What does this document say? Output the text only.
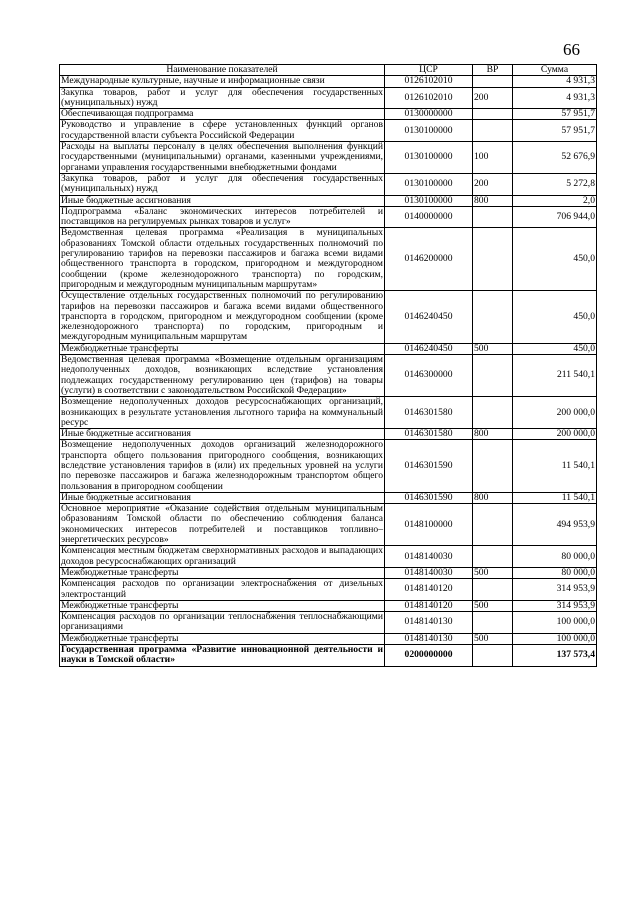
66
Наименование показателей	ЦСР	ВР	Сумма
Международные культурные, научные и информационные связи	0126102010		4 931,3
Закупка товаров, работ и услуг для обеспечения государственных (муниципальных) нужд	0126102010	200	4 931,3
Обеспечивающая подпрограмма	0130000000		57 951,7
Руководство и управление в сфере установленных функций органов государственной власти субъекта Российской Федерации	0130100000		57 951,7
Расходы на выплаты персоналу в целях обеспечения выполнения функций государственными (муниципальными) органами, казенными учреждениями, органами управления государственными внебюджетными фондами	0130100000	100	52 676,9
Закупка товаров, работ и услуг для обеспечения государственных (муниципальных) нужд	0130100000	200	5 272,8
Иные бюджетные ассигнования	0130100000	800	2,0
Подпрограмма «Баланс экономических интересов потребителей и поставщиков на регулируемых рынках товаров и услуг»	0140000000		706 944,0
Ведомственная целевая программа «Реализация в муниципальных образованиях Томской области отдельных государственных полномочий по регулированию тарифов на перевозки пассажиров и багажа всеми видами общественного транспорта в городском, пригородном и междугородном сообщении (кроме железнодорожного транспорта) по городским, пригородным и междугородным муниципальным маршрутам»	0146200000		450,0
Осуществление отдельных государственных полномочий по регулированию тарифов на перевозки пассажиров и багажа всеми видами общественного транспорта в городском, пригородном и междугородном сообщении (кроме железнодорожного транспорта) по городским, пригородным и междугородным муниципальным маршрутам	0146240450		450,0
Межбюджетные трансферты	0146240450	500	450,0
Ведомственная целевая программа «Возмещение отдельным организациям недополученных доходов, возникающих вследствие установления подлежащих государственному регулированию цен (тарифов) на товары (услуги) в соответствии с законодательством Российской Федерации»	0146300000		211 540,1
Возмещение недополученных доходов ресурсоснабжающих организаций, возникающих в результате установления льготного тарифа на коммунальный ресурс	0146301580		200 000,0
Иные бюджетные ассигнования	0146301580	800	200 000,0
Возмещение недополученных доходов организаций железнодорожного транспорта общего пользования пригородного сообщения, возникающих вследствие установления тарифов в (или) их предельных уровней на услуги по перевозке пассажиров и багажа железнодорожным транспортом общего пользования в пригородном сообщении	0146301590		11 540,1
Иные бюджетные ассигнования	0146301590	800	11 540,1
Основное мероприятие «Оказание содействия отдельным муниципальным образованиям Томской области по обеспечению соблюдения баланса экономических интересов потребителей и поставщиков топливно–энергетических ресурсов»	0148100000		494 953,9
Компенсация местным бюджетам сверхнормативных расходов и выпадающих доходов ресурсоснабжающих организаций	0148140030		80 000,0
Межбюджетные трансферты	0148140030	500	80 000,0
Компенсация расходов по организации электроснабжения от дизельных электростанций	0148140120		314 953,9
Межбюджетные трансферты	0148140120	500	314 953,9
Компенсация расходов по организации теплоснабжения теплоснабжающими организациями	0148140130		100 000,0
Межбюджетные трансферты	0148140130	500	100 000,0
Государственная программа «Развитие инновационной деятельности и науки в Томской области»	0200000000		137 573,4
